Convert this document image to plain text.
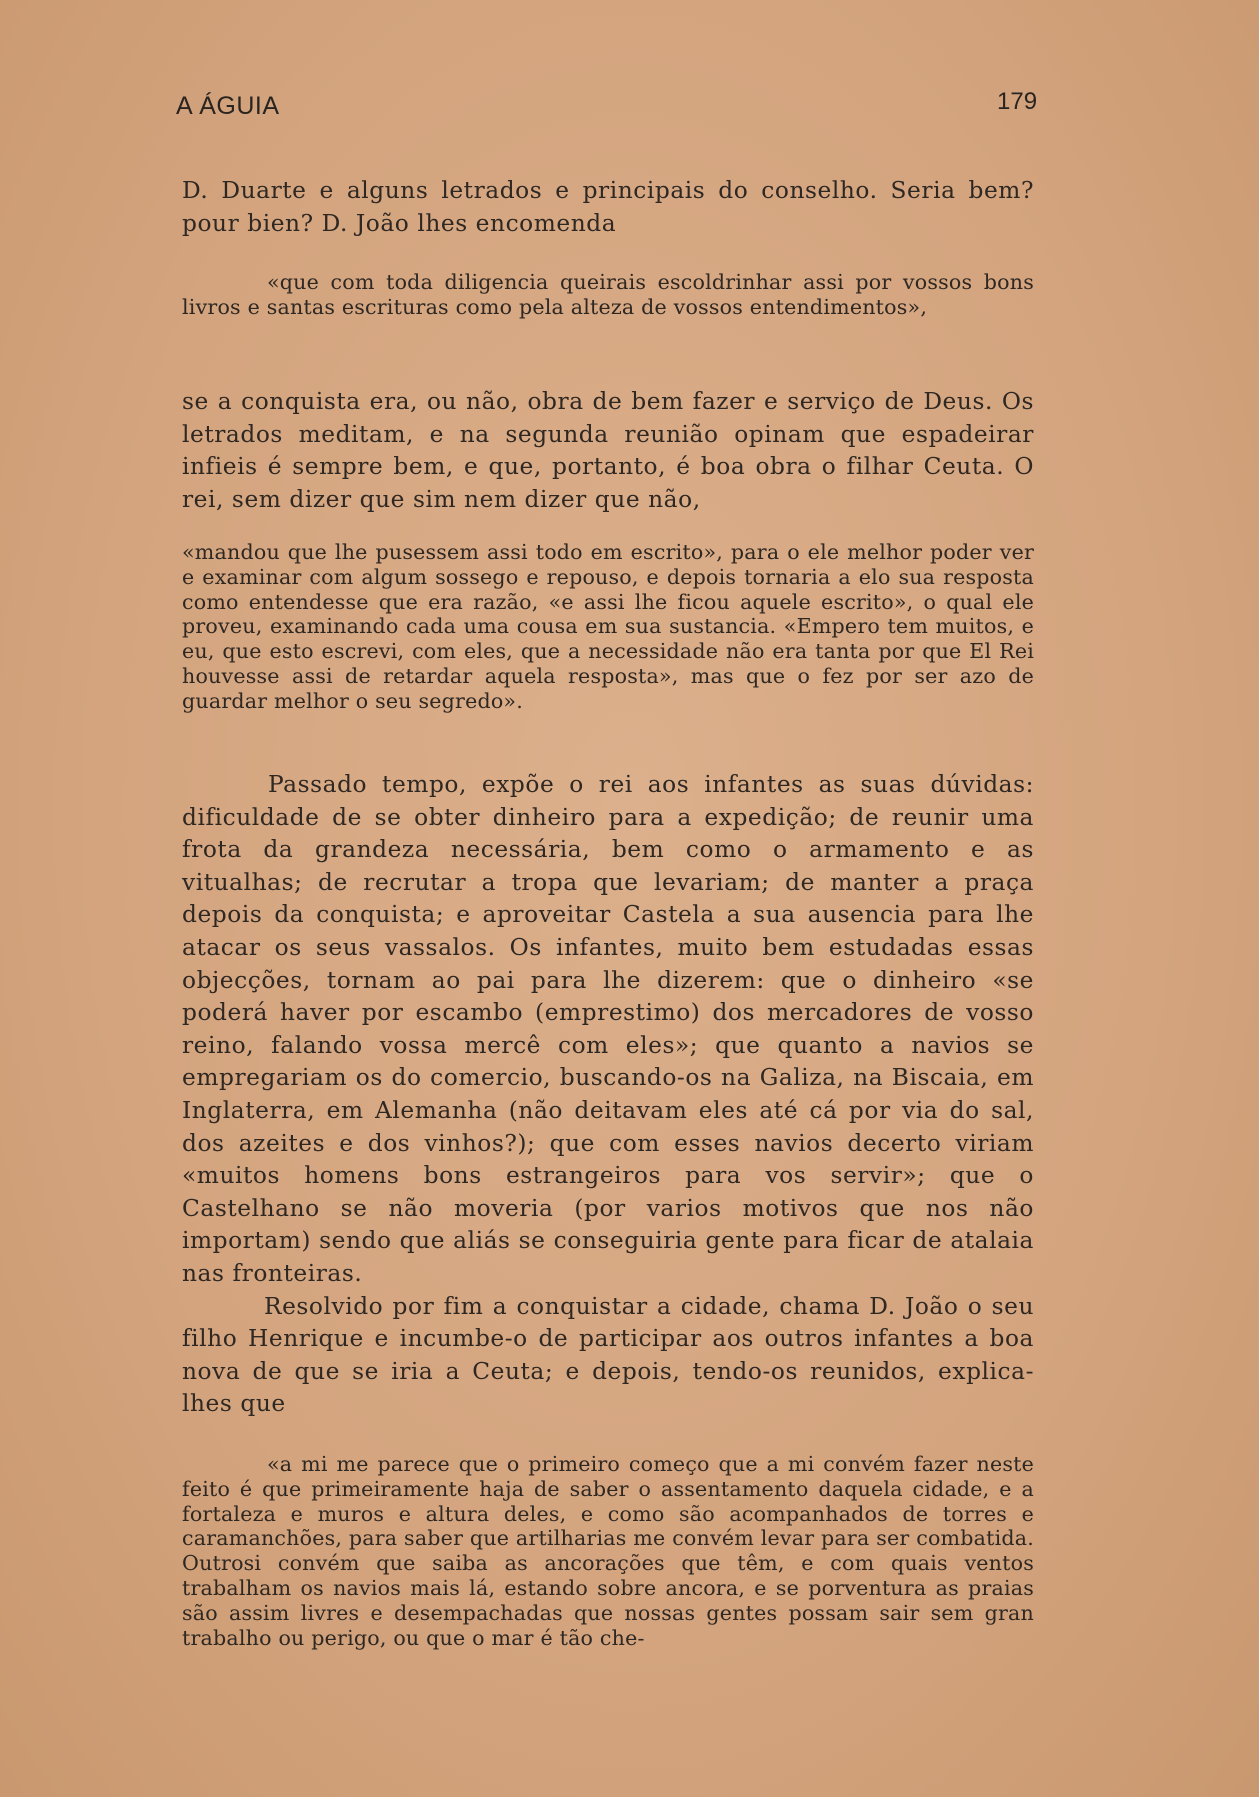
A ÁGUIA	179

D. Duarte e alguns letrados e principais do conselho. Seria bem? pour bien? D. João lhes encomenda

«que com toda diligencia queirais escoldrinhar assi por vossos bons livros e santas escrituras como pela alteza de vossos entendimentos»,

se a conquista era, ou não, obra de bem fazer e serviço de Deus. Os letrados meditam, e na segunda reunião opinam que espadeirar infieis é sempre bem, e que, portanto, é boa obra o filhar Ceuta. O rei, sem dizer que sim nem dizer que não,

«mandou que lhe pusessem assi todo em escrito», para o ele melhor poder ver e examinar com algum sossego e repouso, e depois tornaria a elo sua resposta como entendesse que era razão, «e assi lhe ficou aquele escrito», o qual ele proveu, examinando cada uma cousa em sua sustancia. «Empero tem muitos, e eu, que esto escrevi, com eles, que a necessidade não era tanta por que El Rei houvesse assi de retardar aquela resposta», mas que o fez por ser azo de guardar melhor o seu segredo».

Passado tempo, expõe o rei aos infantes as suas dúvidas: dificuldade de se obter dinheiro para a expedição; de reunir uma frota da grandeza necessária, bem como o armamento e as vitualhas; de recrutar a tropa que levariam; de manter a praça depois da conquista; e aproveitar Castela a sua ausencia para lhe atacar os seus vassalos. Os infantes, muito bem estudadas essas objecções, tornam ao pai para lhe dizerem: que o dinheiro «se poderá haver por escambo (emprestimo) dos mercadores de vosso reino, falando vossa mercê com eles»; que quanto a navios se empregariam os do comercio, buscando-os na Galiza, na Biscaia, em Inglaterra, em Alemanha (não deitavam eles até cá por via do sal, dos azeites e dos vinhos?); que com esses navios decerto viriam «muitos homens bons estrangeiros para vos servir»; que o Castelhano se não moveria (por varios motivos que nos não importam) sendo que aliás se conseguiria gente para ficar de atalaia nas fronteiras.

Resolvido por fim a conquistar a cidade, chama D. João o seu filho Henrique e incumbe-o de participar aos outros infantes a boa nova de que se iria a Ceuta; e depois, tendo-os reunidos, explica-lhes que

«a mi me parece que o primeiro começo que a mi convém fazer neste feito é que primeiramente haja de saber o assentamento daquela cidade, e a fortaleza e muros e altura deles, e como são acompanhados de torres e caramanchões, para saber que artilharias me convém levar para ser combatida. Outrosi convém que saiba as ancorações que têm, e com quais ventos trabalham os navios mais lá, estando sobre ancora, e se porventura as praias são assim livres e desempachadas que nossas gentes possam sair sem gran trabalho ou perigo, ou que o mar é tão che-
